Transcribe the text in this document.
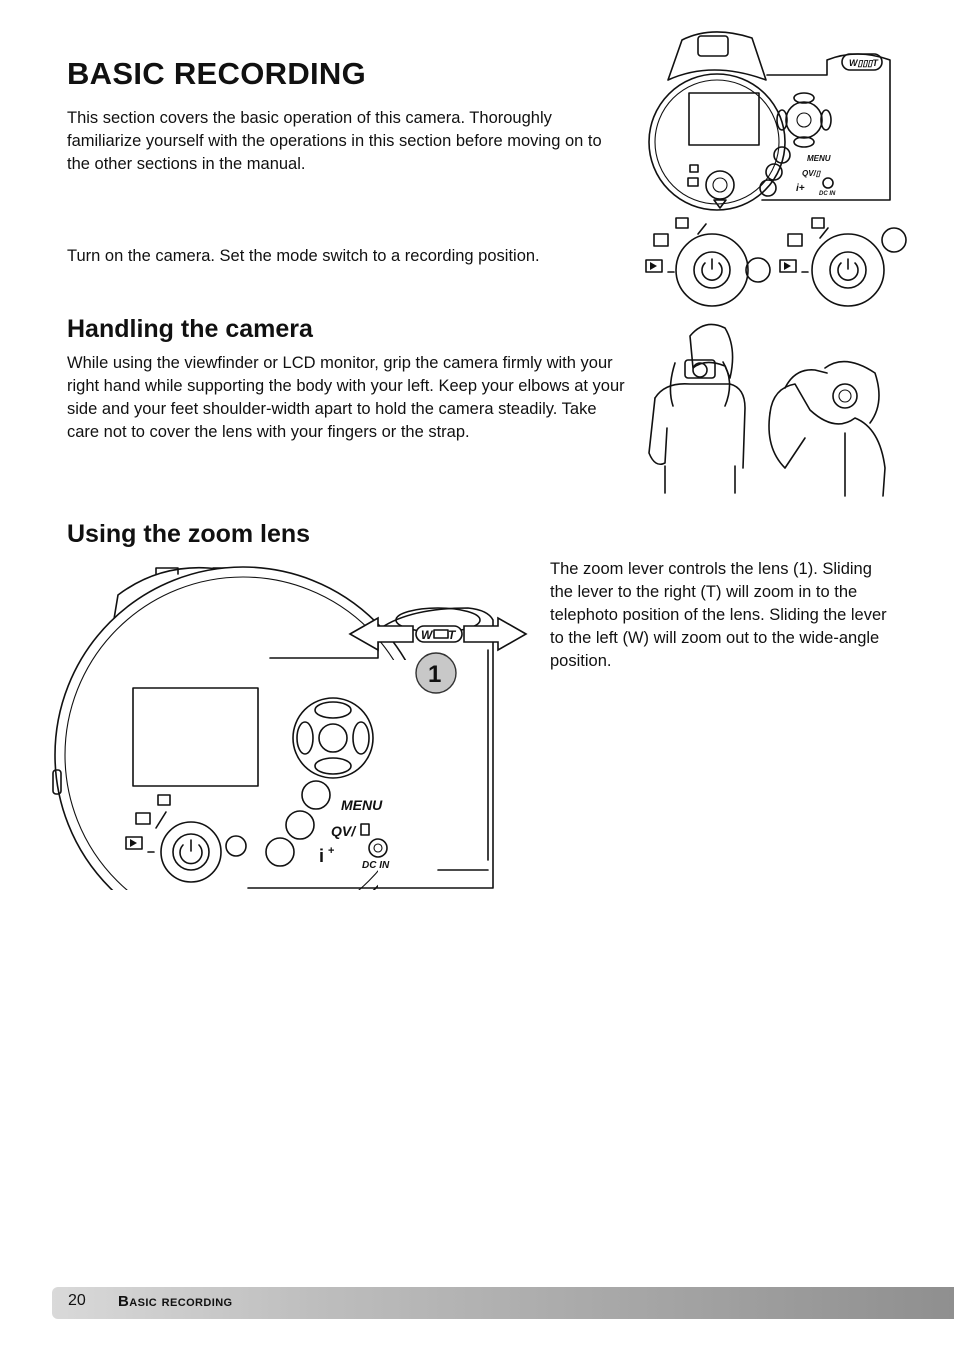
BASIC RECORDING

This section covers the basic operation of this camera. Thoroughly familiarize yourself with the operations in this section before moving on to the other sections in the manual.

W▯▯▯T
MENU
QV/▯
i+ DC IN

Turn on the camera. Set the mode switch to a recording position.

Handling the camera

While using the viewfinder or LCD monitor, grip the camera firmly with your right hand while supporting the body with your left. Keep your elbows at your side and your feet shoulder-width apart to hold the camera steadily. Take care not to cover the lens with your fingers or the strap.

Using the zoom lens

The zoom lever controls the lens (1). Sliding the lever to the right (T) will zoom in to the telephoto position of the lens. Sliding the lever to the left (W) will zoom out to the wide-angle position.

W T
1
MENU
QV/
i +
DC IN
20 Basic recording
